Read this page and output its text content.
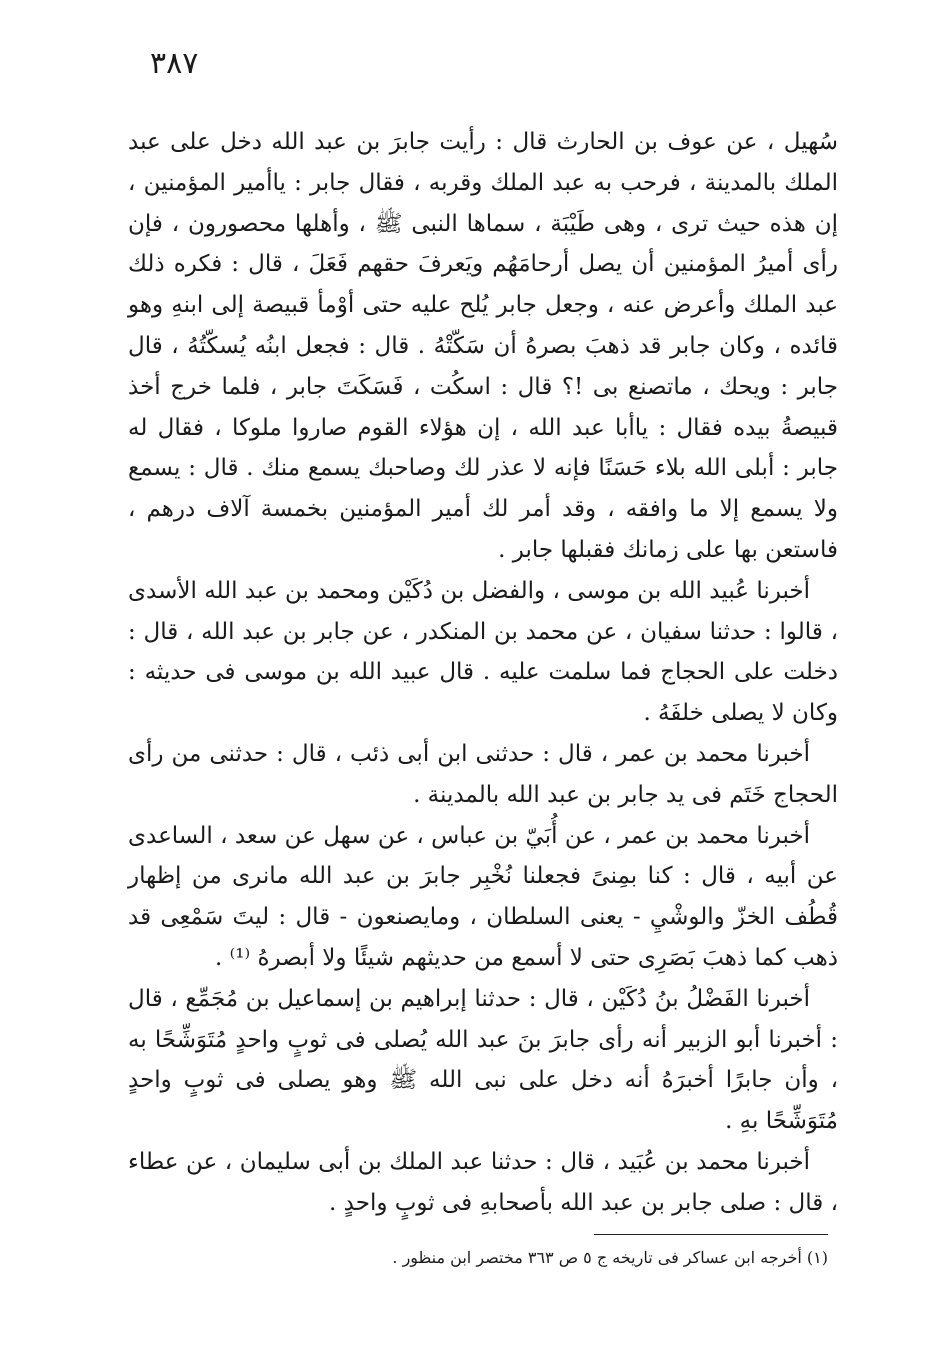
٣٨٧

سُهيل ، عن عوف بن الحارث قال : رأيت جابرَ بن عبد الله دخل على عبد الملك بالمدينة ، فرحب به عبد الملك وقربه ، فقال جابر : ياأمير المؤمنين ، إن هذه حيث ترى ، وهى طَيْبَة ، سماها النبى ﷺ ، وأهلها محصورون ، فإن رأى أميرُ المؤمنين أن يصل أرحامَهُم ويَعرفَ حقهم فَعَلَ ، قال : فكره ذلك عبد الملك وأعرض عنه ، وجعل جابر يُلح عليه حتى أوْمأ قبيصة إلى ابنهِ وهو قائده ، وكان جابر قد ذهبَ بصرهُ أن سَكّتْهُ . قال : فجعل ابنُه يُسكّتُهُ ، قال جابر : ويحك ، ماتصنع بى !؟ قال : اسكُت ، فَسَكَتَ جابر ، فلما خرج أخذ قبيصةُ بيده فقال : ياأبا عبد الله ، إن هؤلاء القوم صاروا ملوكا ، فقال له جابر : أبلى الله بلاء حَسَنًا فإنه لا عذر لك وصاحبك يسمع منك . قال : يسمع ولا يسمع إلا ما وافقه ، وقد أمر لك أمير المؤمنين بخمسة آلاف درهم ، فاستعن بها على زمانك فقبلها جابر .

أخبرنا عُبيد الله بن موسى ، والفضل بن دُكَيْن ومحمد بن عبد الله الأسدى ، قالوا : حدثنا سفيان ، عن محمد بن المنكدر ، عن جابر بن عبد الله ، قال : دخلت على الحجاج فما سلمت عليه . قال عبيد الله بن موسى فى حديثه : وكان لا يصلى خلفَهُ .

أخبرنا محمد بن عمر ، قال : حدثنى ابن أبى ذئب ، قال : حدثنى من رأى الحجاج خَتَم فى يد جابر بن عبد الله بالمدينة .

أخبرنا محمد بن عمر ، عن أُبَيّ بن عباس ، عن سهل عن سعد ، الساعدى عن أبيه ، قال : كنا بمِنىً فجعلنا نُخْبِر جابرَ بن عبد الله مانرى من إظهار قُطُف الخزّ والوشْيِ - يعنى السلطان ، ومايصنعون - قال : ليتَ سَمْعِى قد ذهب كما ذهبَ بَصَرِى حتى لا أسمع من حديثهم شيئًا ولا أبصرهُ ⁽¹⁾ .

أخبرنا الفَضْلُ بنُ دُكَيْن ، قال : حدثنا إبراهيم بن إسماعيل بن مُجَمِّع ، قال : أخبرنا أبو الزبير أنه رأى جابرَ بنَ عبد الله يُصلى فى ثوبٍ واحدٍ مُتَوَشِّحًا به ، وأن جابرًا أخبرَهُ أنه دخل على نبى الله ﷺ وهو يصلى فى ثوبٍ واحدٍ مُتَوَشِّحًا بهِ .

أخبرنا محمد بن عُبَيد ، قال : حدثنا عبد الملك بن أبى سليمان ، عن عطاء ، قال : صلى جابر بن عبد الله بأصحابهِ فى ثوبٍ واحدٍ .

(١) أخرجه ابن عساكر فى تاريخه ج ٥ ص ٣٦٣ مختصر ابن منظور .
